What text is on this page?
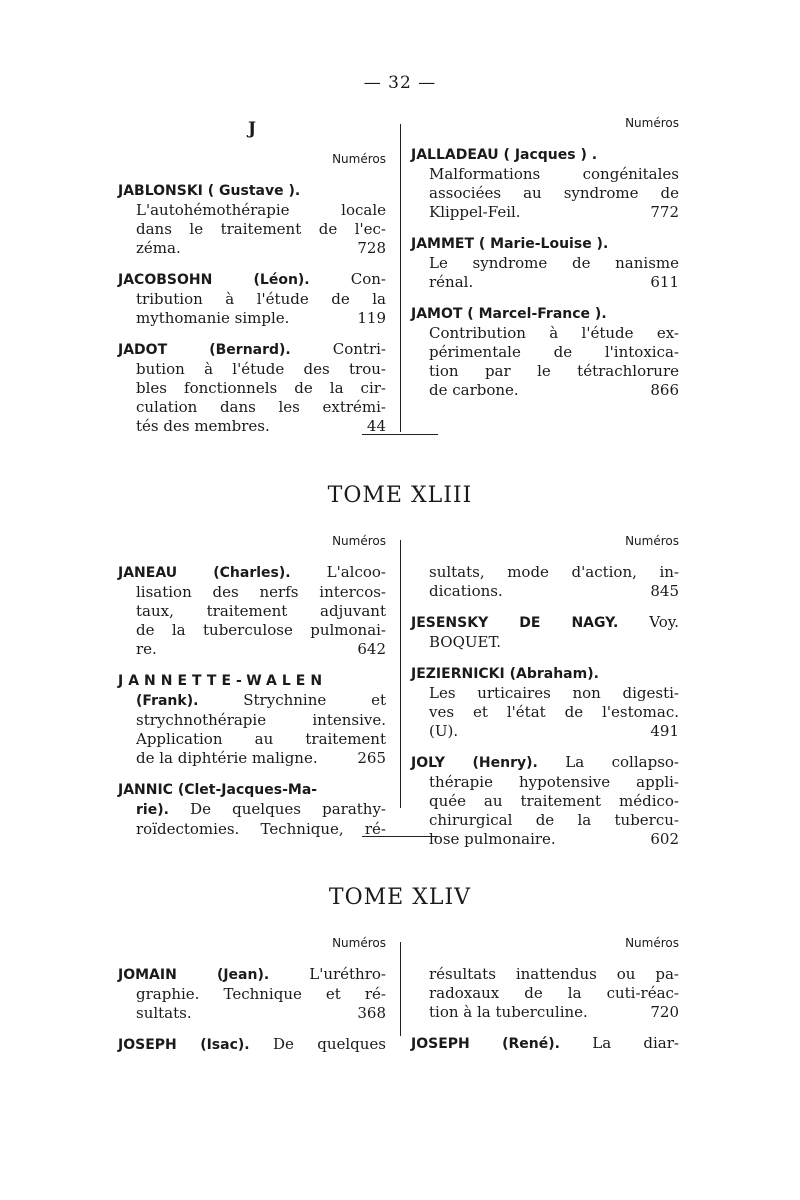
— 32 —
J
Numéros
JABLONSKI ( Gustave ).
L'autohémothérapie locale
dans le traitement de l'ec-
zéma.	728
JACOBSOHN (Léon).	Con-
tribution à l'étude de la
mythomanie simple.	119
JADOT (Bernard).	Contri-
bution à l'étude des trou-
bles fonctionnels de la cir-
culation dans les extrémi-
tés des membres.	44
Numéros
JALLADEAU ( Jacques ) .
Malformations congénitales
associées au syndrome de
Klippel-Feil.	772
JAMMET ( Marie-Louise ).
Le syndrome de nanisme
rénal.	611
JAMOT ( Marcel-France ).
Contribution à l'étude ex-
périmentale de l'intoxica-
tion par le tétrachlorure
de carbone.	866
TOME XLIII
Numéros
JANEAU (Charles). L'alcoo-
lisation des nerfs intercos-
taux, traitement adjuvant
de la tuberculose pulmonai-
re.	642
JANNETTE-WALEN
(Frank).	Strychnine et
strychnothérapie intensive.
Application au traitement
de la diphtérie maligne.	265
JANNIC (Clet-Jacques-Ma-
rie). De quelques parathy-
roïdectomies. Technique, ré-
Numéros
sultats, mode d'action, in-
dications.	845
JESENSKY DE NAGY. Voy.
BOQUET.
JEZIERNICKI (Abraham).
Les urticaires non digesti-
ves et l'état de l'estomac.
(U).	491
JOLY (Henry). La collapso-
thérapie hypotensive appli-
quée au traitement médico-
chirurgical de la tubercu-
lose pulmonaire.	602
TOME XLIV
Numéros
JOMAIN (Jean).	L'uréthro-
graphie. Technique et ré-
sultats.	368
JOSEPH (Isac). De quelques
Numéros
résultats inattendus ou pa-
radoxaux de la cuti-réac-
tion à la tuberculine.	720
JOSEPH (René). La diar-
